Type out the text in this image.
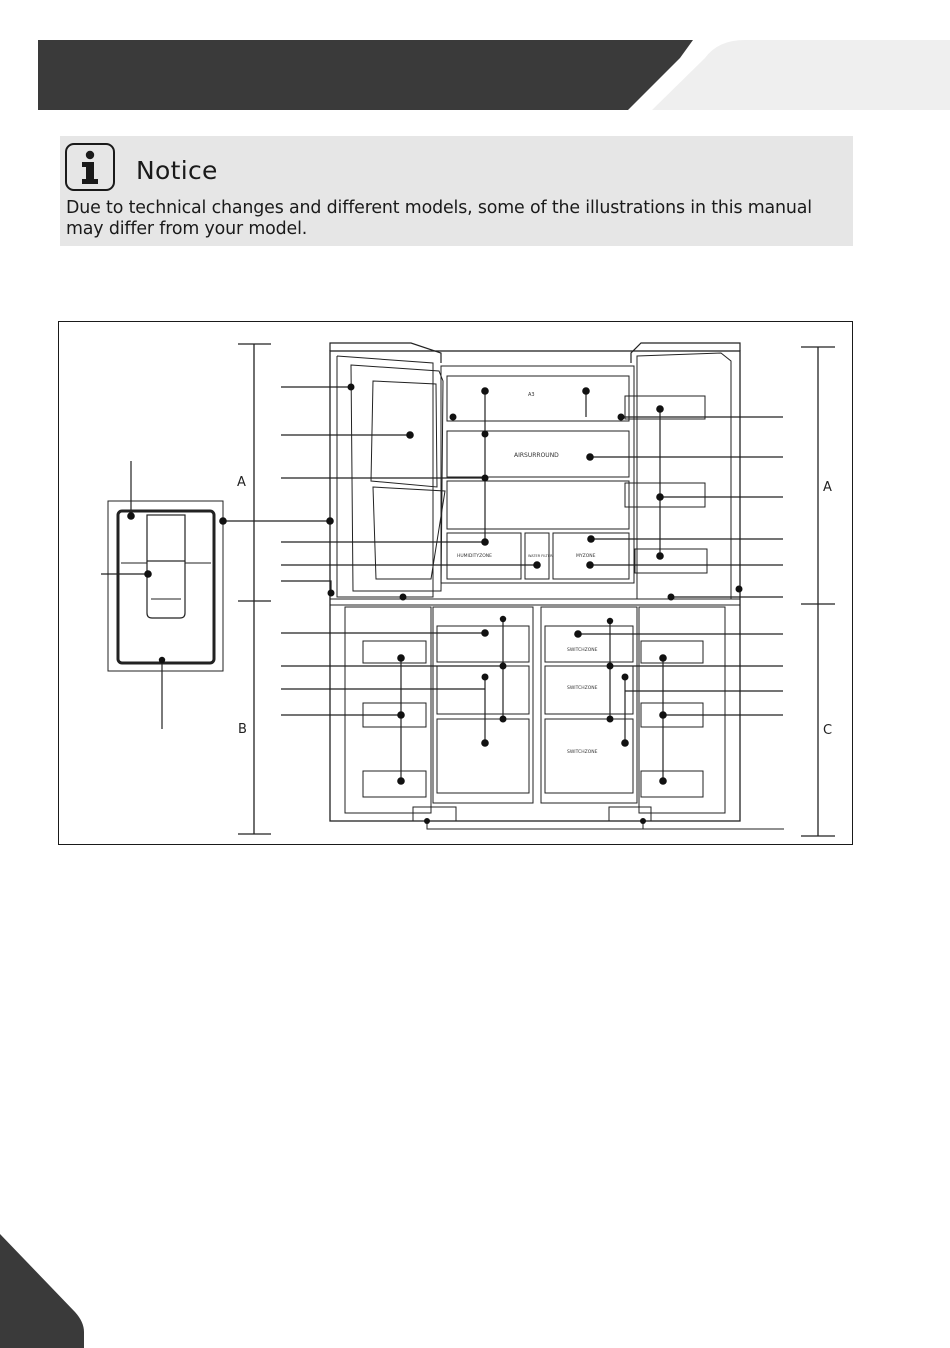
Notice
Due to technical changes and different models, some of the illustrations in this manual may differ from your model.
A
B
A
C
A3
AIRSURROUND
HUMIDITYZONE	WATER FILTER	MYZONE
SWITCHZONE
SWITCHZONE
SWITCHZONE
